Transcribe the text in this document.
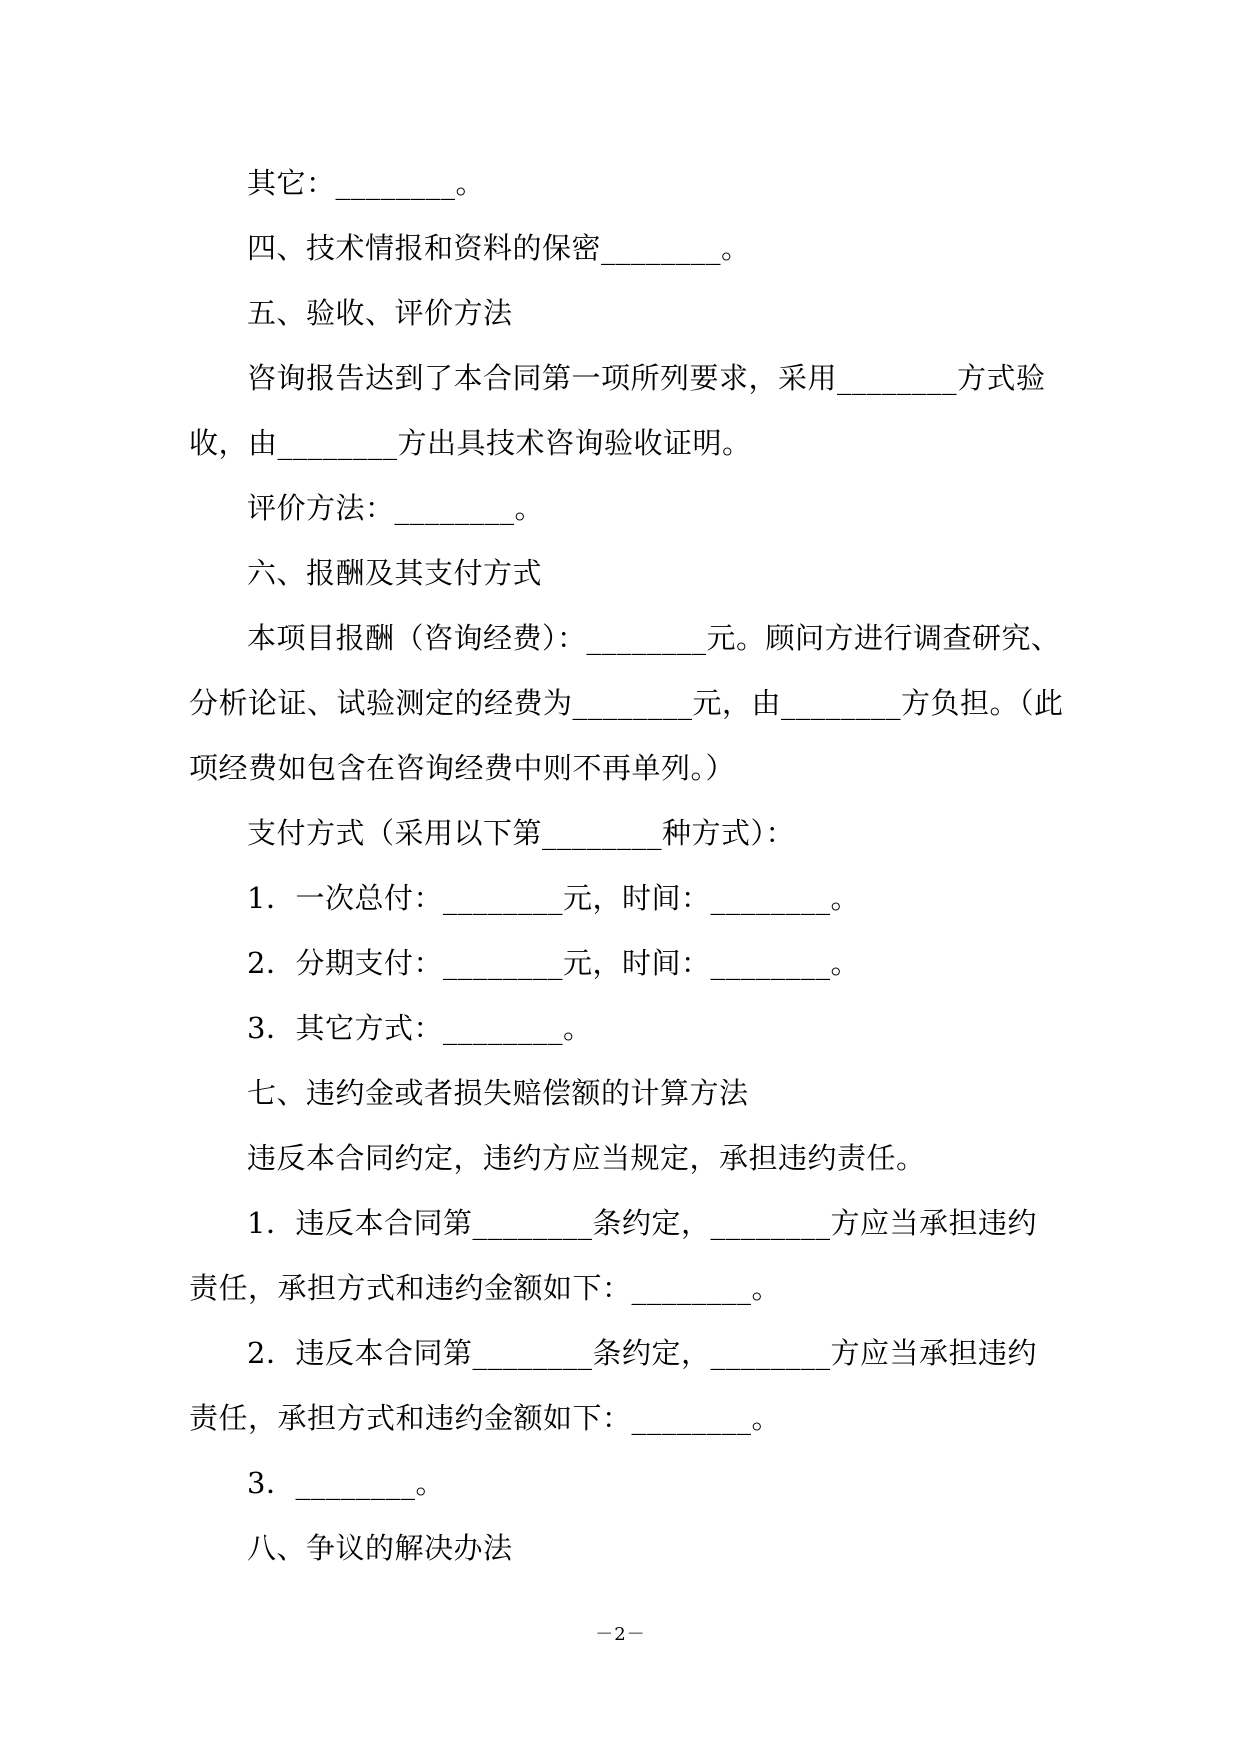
其它：________。
四、技术情报和资料的保密________。
五、验收、评价方法
咨询报告达到了本合同第一项所列要求，采用________方式验
收，由________方出具技术咨询验收证明。
评价方法：________。
六、报酬及其支付方式
本项目报酬（咨询经费）：________元。顾问方进行调查研究、
分析论证、试验测定的经费为________元，由________方负担。（此
项经费如包含在咨询经费中则不再单列。）
支付方式（采用以下第________种方式）：
1．一次总付：________元，时间：________。
2．分期支付：________元，时间：________。
3．其它方式：________。
七、违约金或者损失赔偿额的计算方法
违反本合同约定，违约方应当规定，承担违约责任。
1．违反本合同第________条约定，________方应当承担违约
责任，承担方式和违约金额如下：________。
2．违反本合同第________条约定，________方应当承担违约
责任，承担方式和违约金额如下：________。
3．________。
八、争议的解决办法
－2－
